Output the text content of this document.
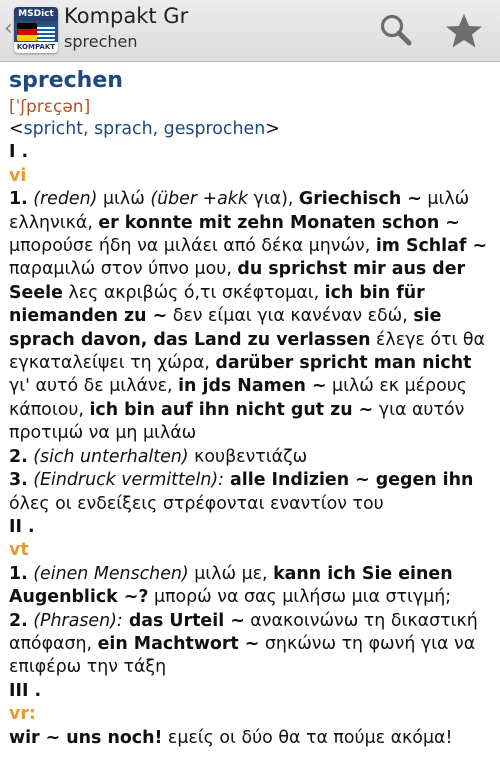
‹
MSDict
KOMPAKT
Kompakt Gr
sprechen
sprechen
[ˈʃprɛçən]
<spricht, sprach, gesprochen>
I .
vi

1. (reden) μιλώ (über +akk για), Griechisch ~ μιλώ ελληνικά, er konnte mit zehn Monaten schon ~ μπορούσε ήδη να μιλάει από δέκα μηνών, im Schlaf ~ παραμιλώ στον ύπνο μου, du sprichst mir aus der Seele λες ακριβώς ό,τι σκέφτομαι, ich bin für niemanden zu ~ δεν είμαι για κανέναν εδώ, sie sprach davon, das Land zu verlassen έλεγε ότι θα εγκαταλείψει τη χώρα, darüber spricht man nicht γι' αυτό δε μιλάνε, in jds Namen ~ μιλώ εκ μέρους κάποιου, ich bin auf ihn nicht gut zu ~ για αυτόν προτιμώ να μη μιλάω

2. (sich unterhalten) κουβεντιάζω

3. (Eindruck vermitteln): alle Indizien ~ gegen ihn όλες οι ενδείξεις στρέφονται εναντίον του

II .
vt

1. (einen Menschen) μιλώ με, kann ich Sie einen Augenblick ~? μπορώ να σας μιλήσω μια στιγμή;

2. (Phrasen): das Urteil ~ ανακοινώνω τη δικαστική απόφαση, ein Machtwort ~ σηκώνω τη φωνή για να επιφέρω την τάξη

III .
vr:

wir ~ uns noch! εμείς οι δύο θα τα πούμε ακόμα!
